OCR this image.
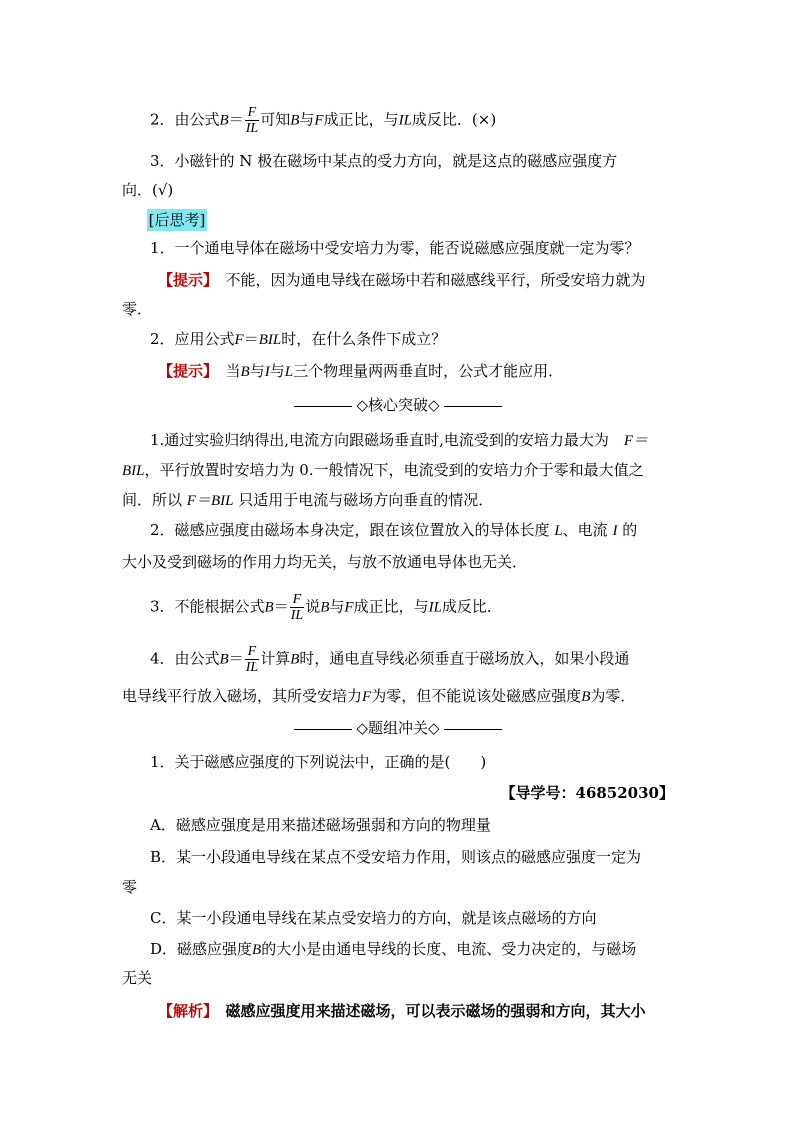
2．由公式$B= \frac{F}{IL}$ 可知B与F成正比，与IL成反比．(×)
3．小磁针的 N 极在磁场中某点的受力方向，就是这点的磁感应强度方
向．(√)
[后思考]
1．一个通电导体在磁场中受安培力为零，能否说磁感应强度就一定为零？
【提示】　 不能，因为通电导线在磁场中若和磁感线平行，所受安培力就为
零．
2．应用公式F＝BIL时，在什么条件下成立？
【提示】　 当B与I与L三个物理量两两垂直时，公式才能应用．
◇核心突破◇
1.通过实验归纳得出,电流方向跟磁场垂直时,电流受到的安培力最大为　 F＝
BIL，平行放置时安培力为 0.一般情况下，电流受到的安培力介于零和最大值之
间．所以 F＝BIL 只适用于电流与磁场方向垂直的情况．
2．磁感应强度由磁场本身决定，跟在该位置放入的导体长度 L、电流 I 的
大小及受到磁场的作用力均无关，与放不放通电导体也无关．
3．不能根据公式$B= \frac{F}{IL}$ 说B与F成正比，与IL成反比．
4．由公式$B= \frac{F}{IL}$ 计算B时，通电直导线必须垂直于磁场放入，如果小段通
电导线平行放入磁场，其所受安培力F为零，但不能说该处磁感应强度B为零．
◇题组冲关◇
1．关于磁感应强度的下列说法中，正确的是(　　)
【导学号：46852030】
A．磁感应强度是用来描述磁场强弱和方向的物理量
B．某一小段通电导线在某点不受安培力作用，则该点的磁感应强度一定为
零
C．某一小段通电导线在某点受安培力的方向，就是该点磁场的方向
D．磁感应强度B的大小是由通电导线的长度、电流、受力决定的，与磁场
无关
【解析】　 磁感应强度用来描述磁场，可以表示磁场的强弱和方向，其大小
